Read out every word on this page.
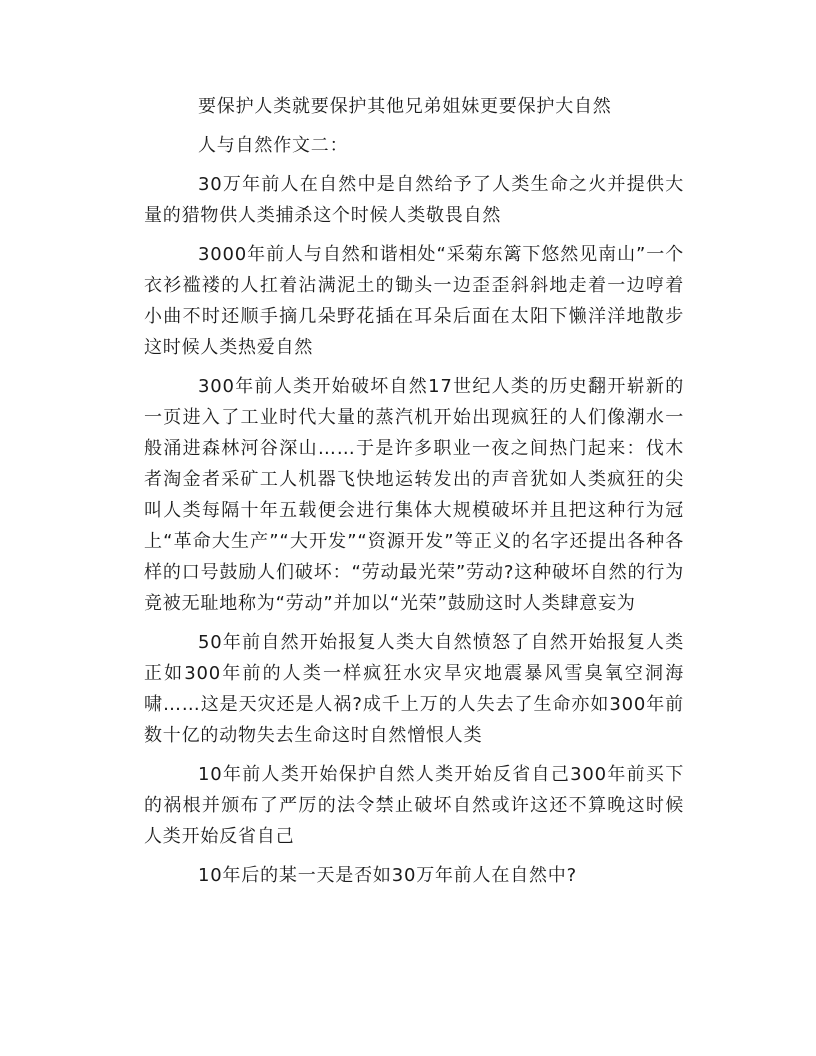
要保护人类就要保护其他兄弟姐妹更要保护大自然

人与自然作文二：

30万年前人在自然中是自然给予了人类生命之火并提供大量的猎物供人类捕杀这个时候人类敬畏自然

3000年前人与自然和谐相处“采菊东篱下悠然见南山”一个衣衫褴褛的人扛着沾满泥土的锄头一边歪歪斜斜地走着一边哼着小曲不时还顺手摘几朵野花插在耳朵后面在太阳下懒洋洋地散步这时候人类热爱自然

300年前人类开始破坏自然17世纪人类的历史翻开崭新的一页进入了工业时代大量的蒸汽机开始出现疯狂的人们像潮水一般涌进森林河谷深山……于是许多职业一夜之间热门起来：伐木者淘金者采矿工人机器飞快地运转发出的声音犹如人类疯狂的尖叫人类每隔十年五载便会进行集体大规模破坏并且把这种行为冠上“革命大生产”“大开发”“资源开发”等正义的名字还提出各种各样的口号鼓励人们破坏：“劳动最光荣”劳动?这种破坏自然的行为竟被无耻地称为“劳动”并加以“光荣”鼓励这时人类肆意妄为

50年前自然开始报复人类大自然愤怒了自然开始报复人类正如300年前的人类一样疯狂水灾旱灾地震暴风雪臭氧空洞海啸……这是天灾还是人祸?成千上万的人失去了生命亦如300年前数十亿的动物失去生命这时自然憎恨人类

10年前人类开始保护自然人类开始反省自己300年前买下的祸根并颁布了严厉的法令禁止破坏自然或许这还不算晚这时候人类开始反省自己

10年后的某一天是否如30万年前人在自然中?
